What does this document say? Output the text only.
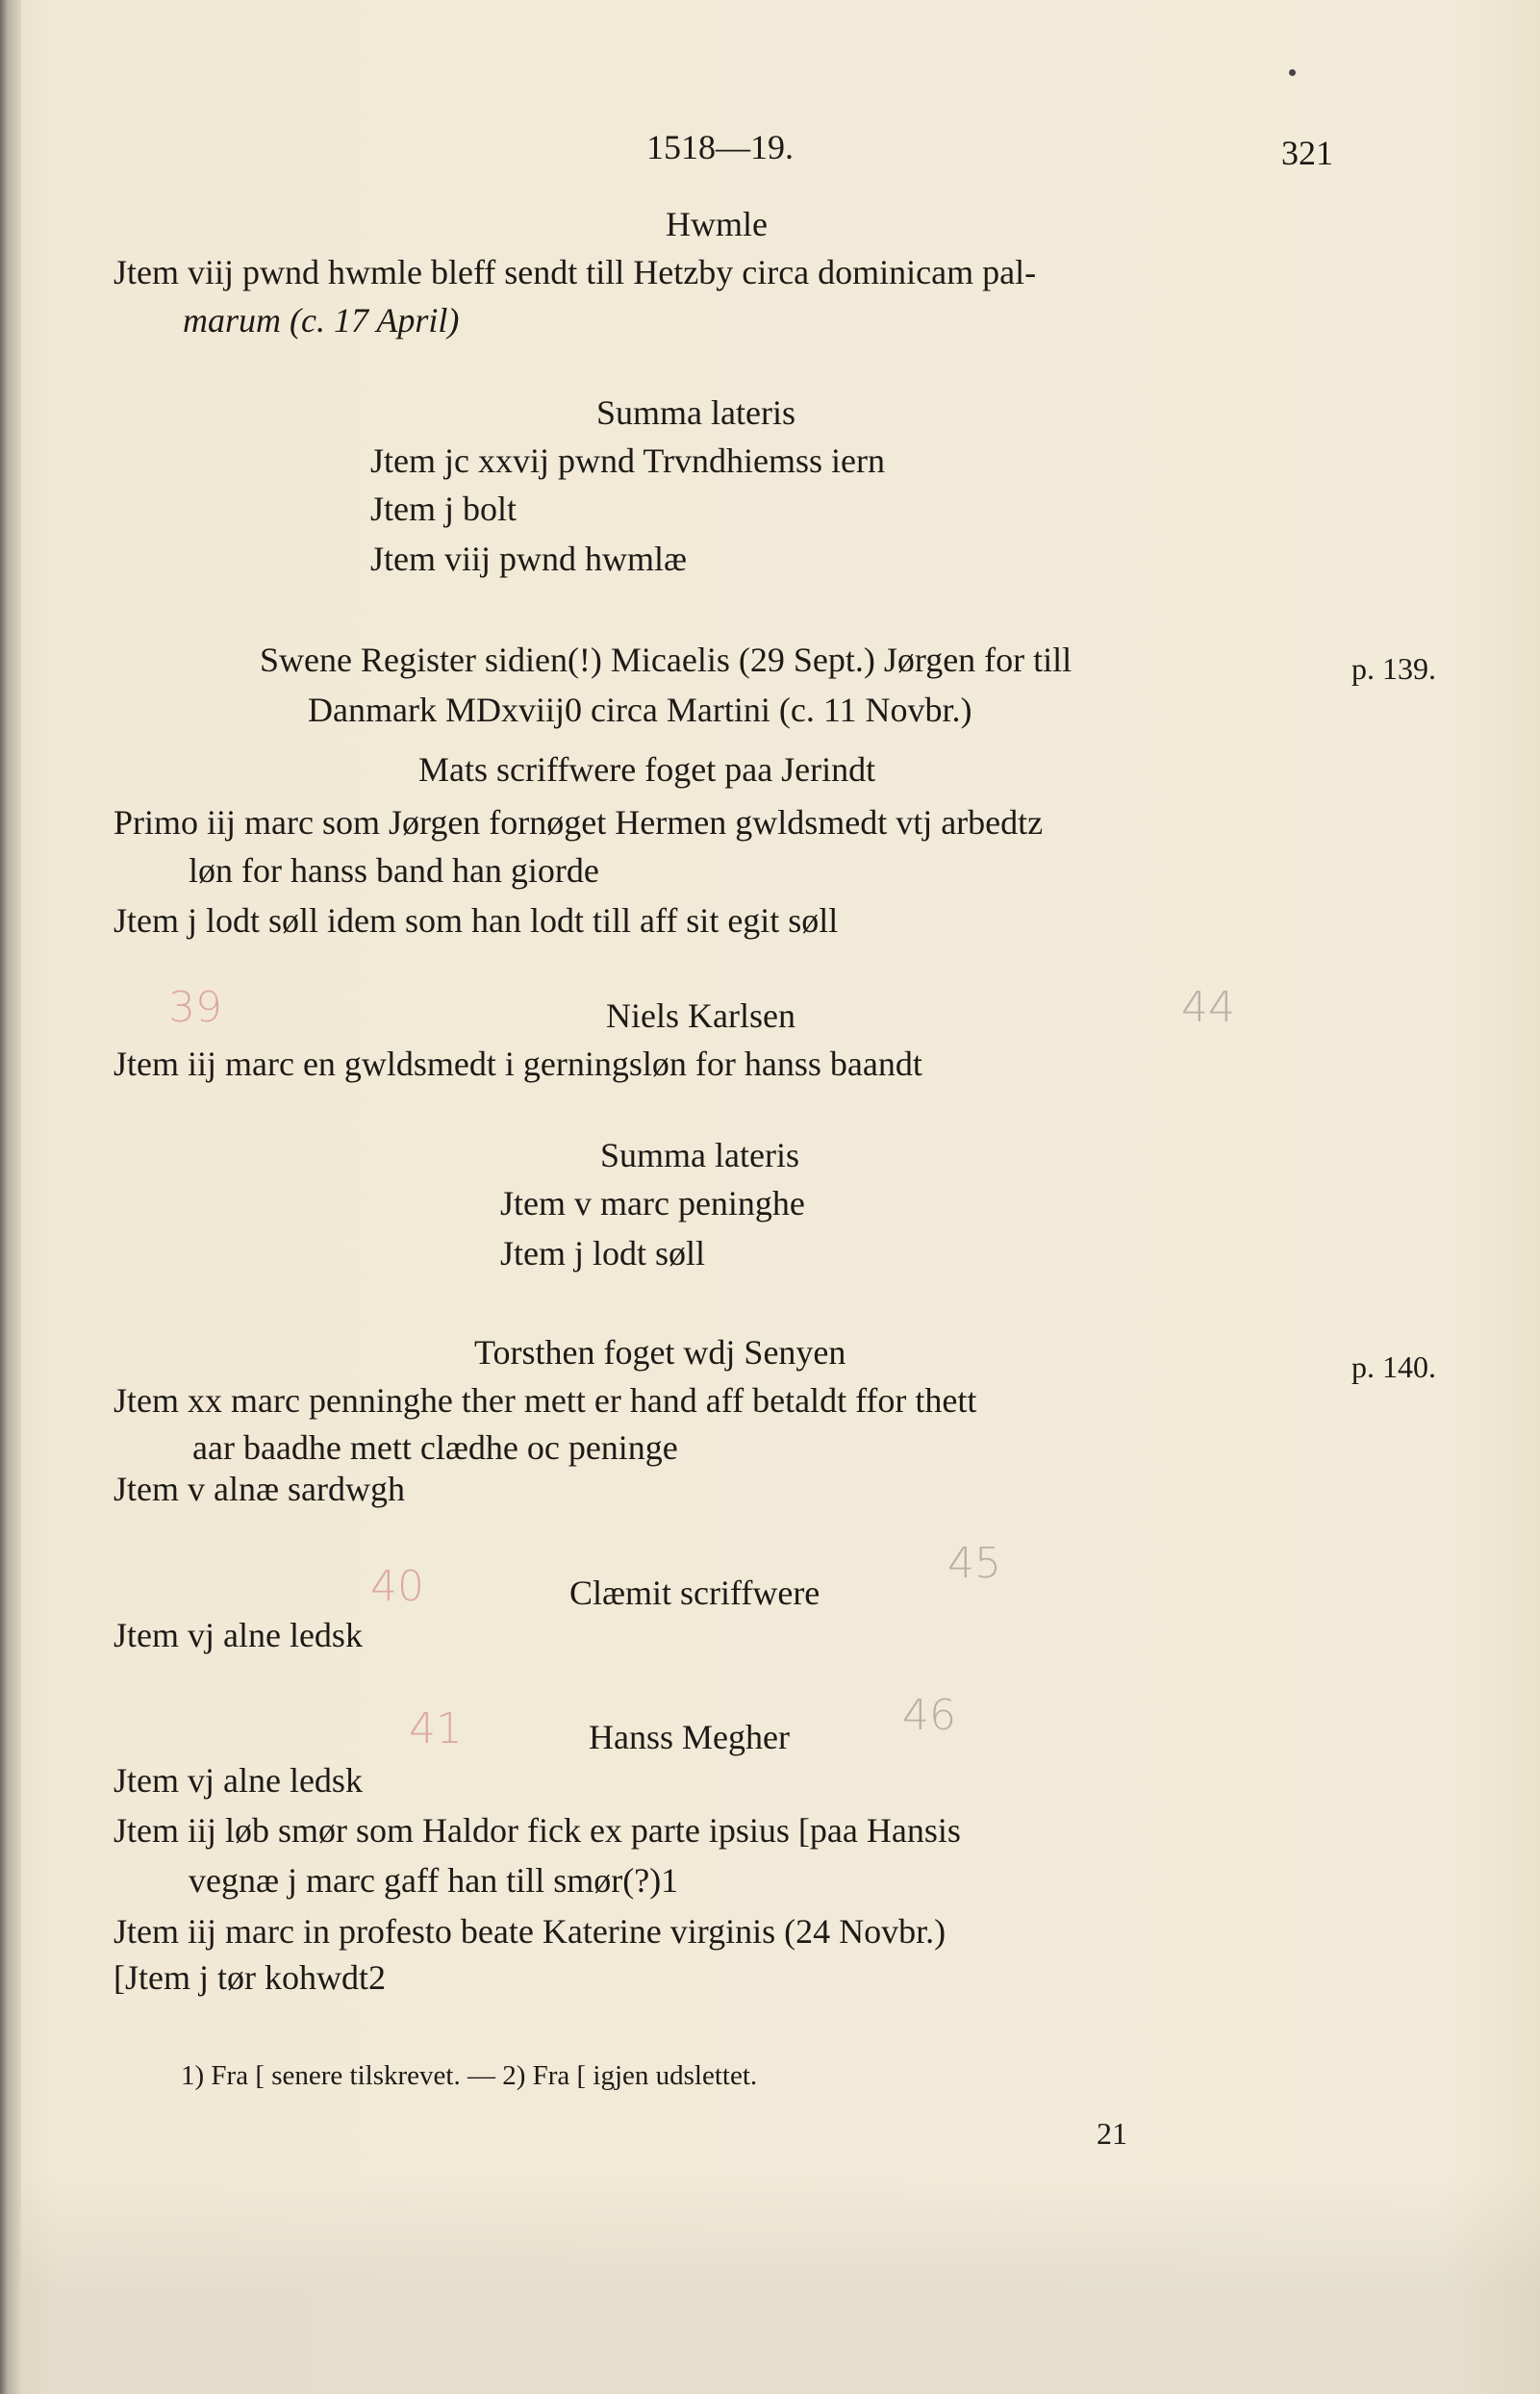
1518—19.	321
Hwmle
Jtem viij pwnd hwmle bleff sendt till Hetzby circa dominicam pal-
marum (c. 17 April)
Summa lateris
Jtem jc xxvij pwnd Trvndhiemss iern
Jtem j bolt
Jtem viij pwnd hwmlæ
Swene Register sidien(!) Micaelis (29 Sept.) Jørgen for till	p. 139.
Danmark MDxviij0 circa Martini (c. 11 Novbr.)
Mats scriffwere foget paa Jerindt
Primo iij marc som Jørgen fornøget Hermen gwldsmedt vtj arbedtz
løn for hanss band han giorde
Jtem j lodt søll idem som han lodt till aff sit egit søll
39	Niels Karlsen	44
Jtem iij marc en gwldsmedt i gerningsløn for hanss baandt
Summa lateris
Jtem v marc peninghe
Jtem j lodt søll
Torsthen foget wdj Senyen	p. 140.
Jtem xx marc penninghe ther mett er hand aff betaldt ffor thett
aar baadhe mett clædhe oc peninge
Jtem v alnæ sardwgh
40	Clæmit scriffwere
45
Jtem vj alne ledsk
41	Hanss Megher	46
Jtem vj alne ledsk
Jtem iij løb smør som Haldor fick ex parte ipsius [paa Hansis
vegnæ j marc gaff han till smør(?)1
Jtem iij marc in profesto beate Katerine virginis (24 Novbr.)
[Jtem j tør kohwdt2
1) Fra [ senere tilskrevet. — 2) Fra [ igjen udslettet.
21
